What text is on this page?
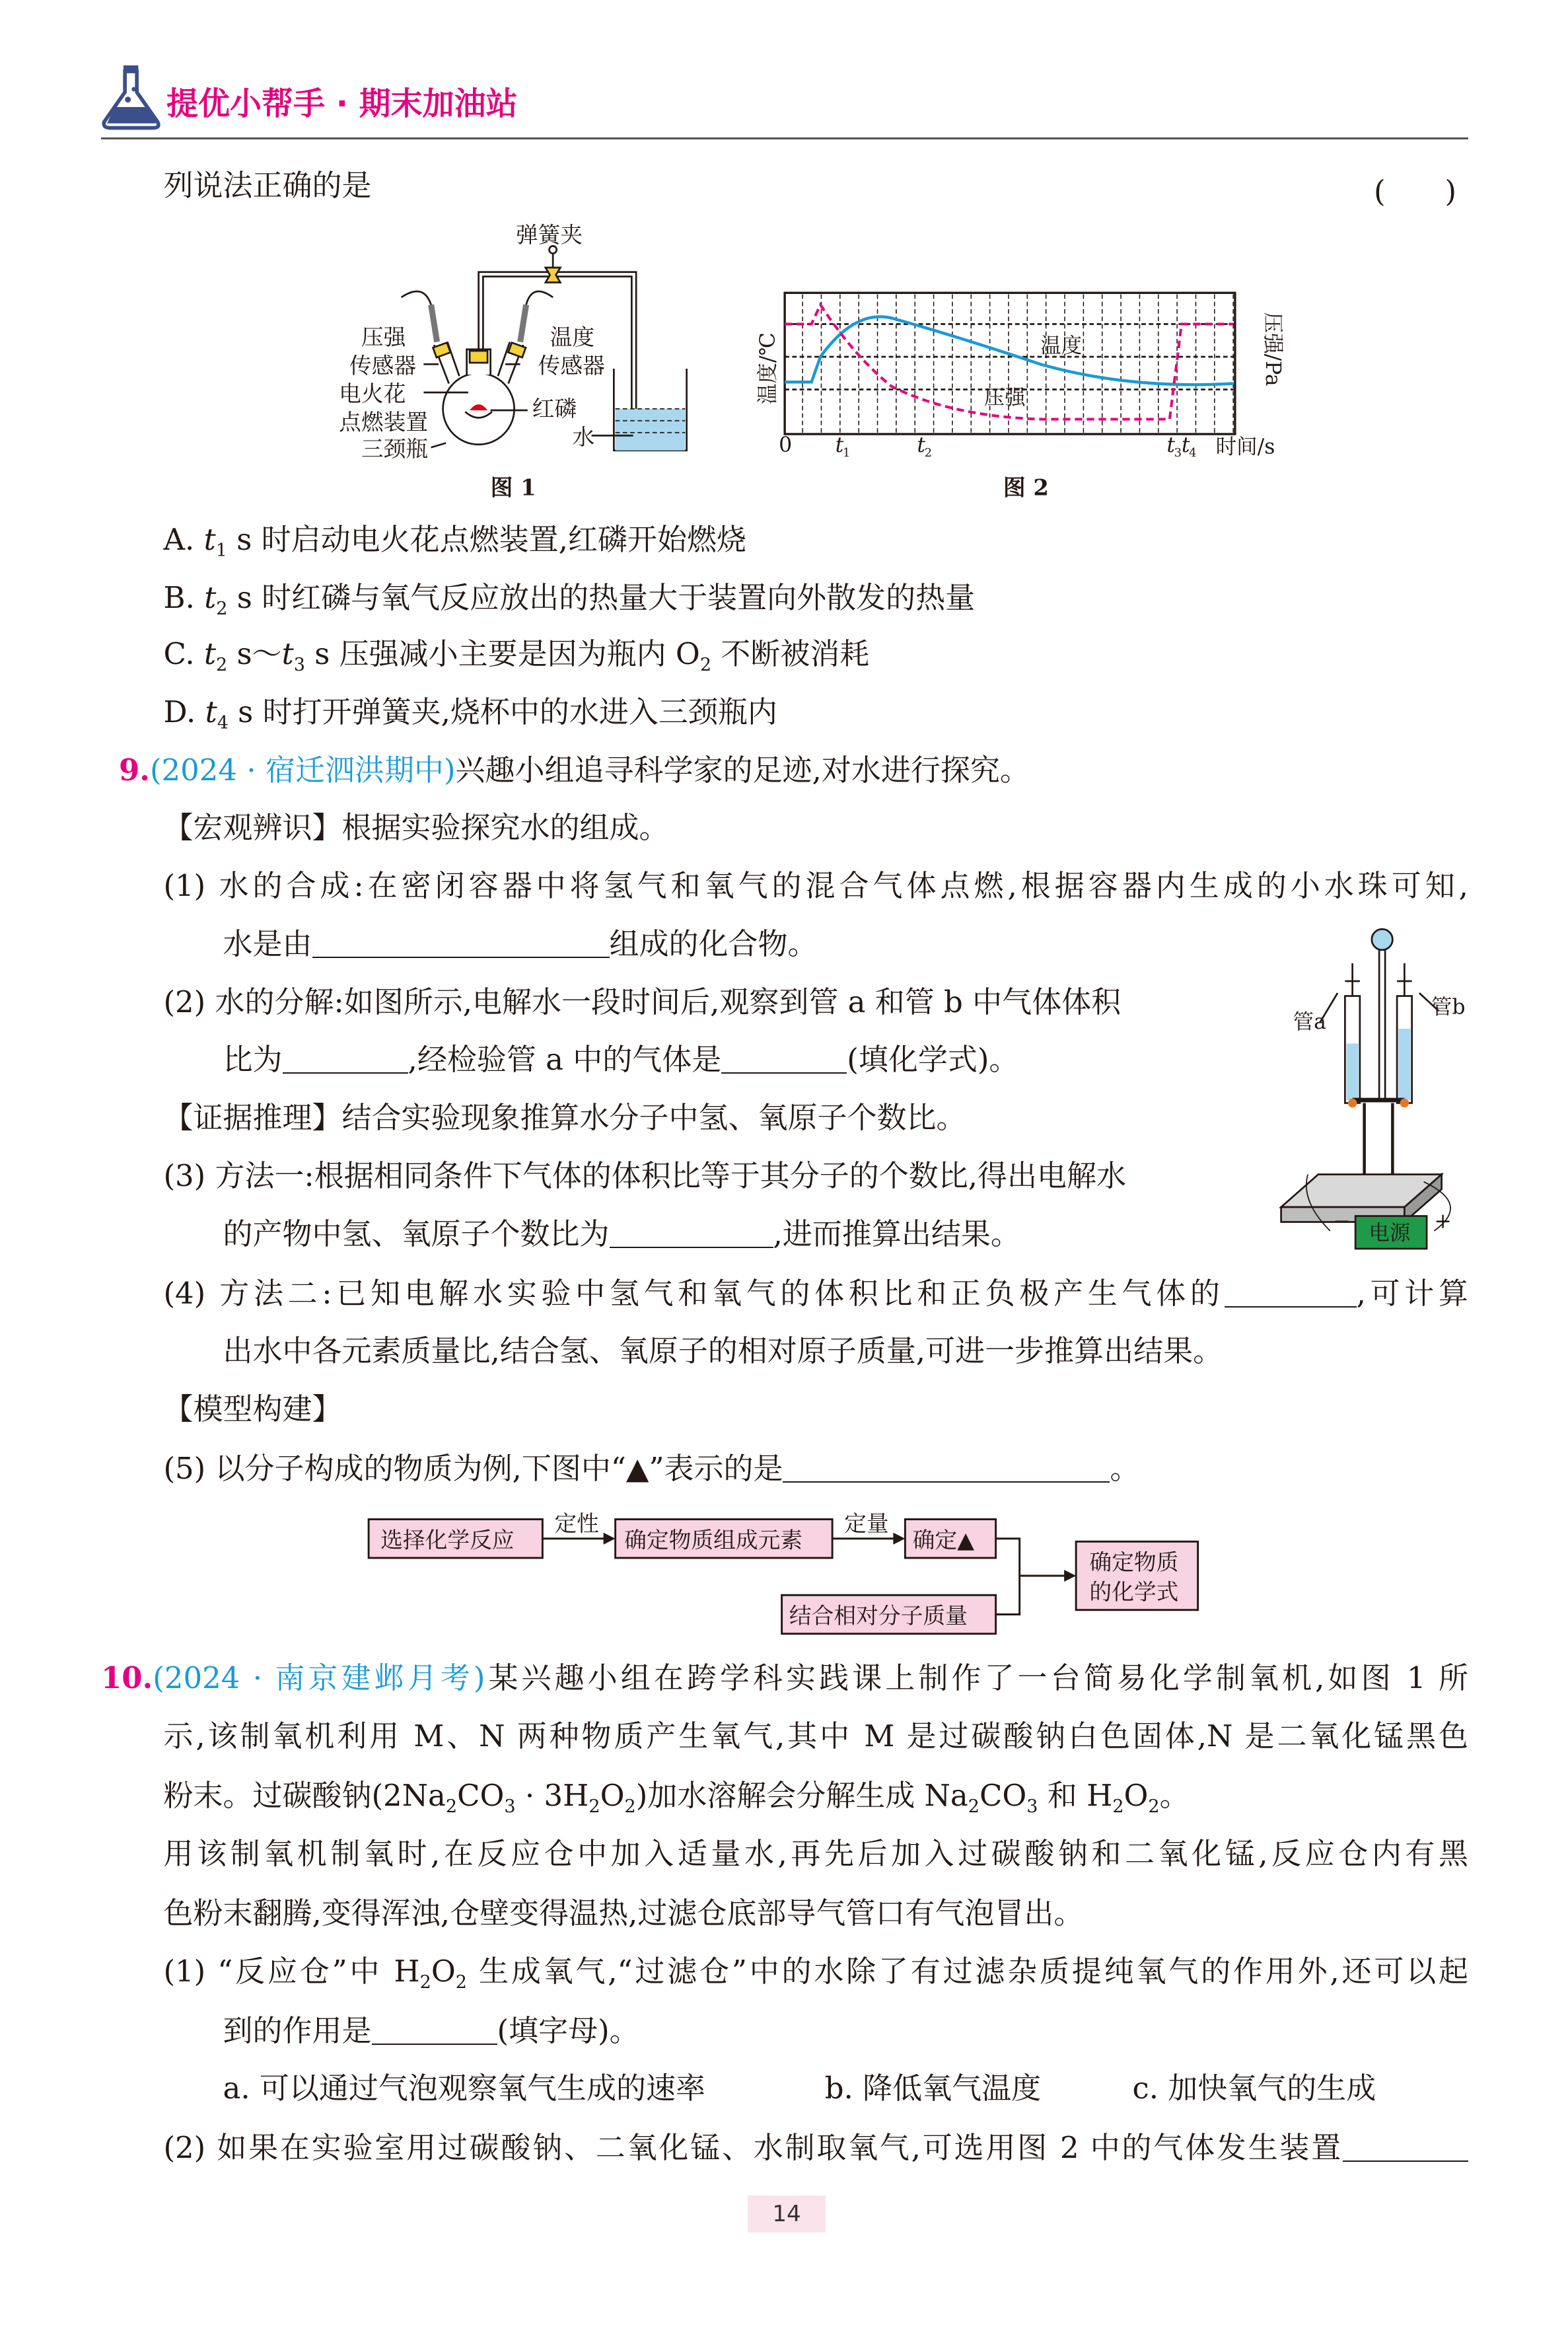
弹簧夹
压强
传感器
电火花
点燃装置
三颈瓶
温度
传感器
红磷
水
图 1
0	t
1	t
2	t
3 t
4 时间/s
温度
压强
温度/℃	压强/Pa
图 2
管a
管b
电源
−	+
选择化学反应
定性
确定物质组成元素
定量
确定▲
结合相对分子质量
确定物质
的化学式
提优小帮手 · 期末加油站
(　　)
列说法正确的是
A. $t_1$ s 时启动电火花点燃装置,红磷开始燃烧
B. $t_2$ s 时红磷与氧气反应放出的热量大于装置向外散发的热量
C. $t_2$ $s\sim t_3$ s 压强减小主要是因为瓶内 $O_2$ 不断被消耗
D. $t_4$ s 时打开弹簧夹,烧杯中的水进入三颈瓶内
9.(2024 · 宿迁泗洪期中)兴趣小组追寻科学家的足迹,对水进行探究。
【宏观辨识】根据实验探究水的组成。
(1) 水的合成:在密闭容器中将氢气和氧气的混合气体点燃,根据容器内生成的小水珠可知,
水是由	组成的化合物。
(2) 水的分解:如图所示,电解水一段时间后,观察到管 a 和管 b 中气体体积
比为	,经检验管 a 中的气体是	(填化学式)。
【证据推理】结合实验现象推算水分子中氢、氧原子个数比。
(3) 方法一:根据相同条件下气体的体积比等于其分子的个数比,得出电解水
的产物中氢、氧原子个数比为	,进而推算出结果。
(4) 方法二:已知电解水实验中氢气和氧气的体积比和正负极产生气体的	,可计算
出水中各元素质量比,结合氢、氧原子的相对原子质量,可进一步推算出结果。
【模型构建】
(5) 以分子构成的物质为例,下图中“▲”表示的是	。
10.(2024 · 南京建邺月考)某兴趣小组在跨学科实践课上制作了一台简易化学制氧机,如图 1 所
示,该制氧机利用 M、N 两种物质产生氧气,其中 M 是过碳酸钠白色固体,N 是二氧化锰黑色
粉末。过碳酸钠$(2Na_2CO_3 \cdot 3H_2O_2)$加水溶解会分解生成 $Na_2CO_3$ 和 $H_2O_2$。
用该制氧机制氧时,在反应仓中加入适量水,再先后加入过碳酸钠和二氧化锰,反应仓内有黑
色粉末翻腾,变得浑浊,仓壁变得温热,过滤仓底部导气管口有气泡冒出。
(1) “反应仓”中 $H_2O_2$ 生成氧气,“过滤仓”中的水除了有过滤杂质提纯氧气的作用外,还可以起
到的作用是	(填字母)。
a. 可以通过气泡观察氧气生成的速率	b. 降低氧气温度	c. 加快氧气的生成
(2) 如果在实验室用过碳酸钠、二氧化锰、水制取氧气,可选用图 2 中的气体发生装置
14
